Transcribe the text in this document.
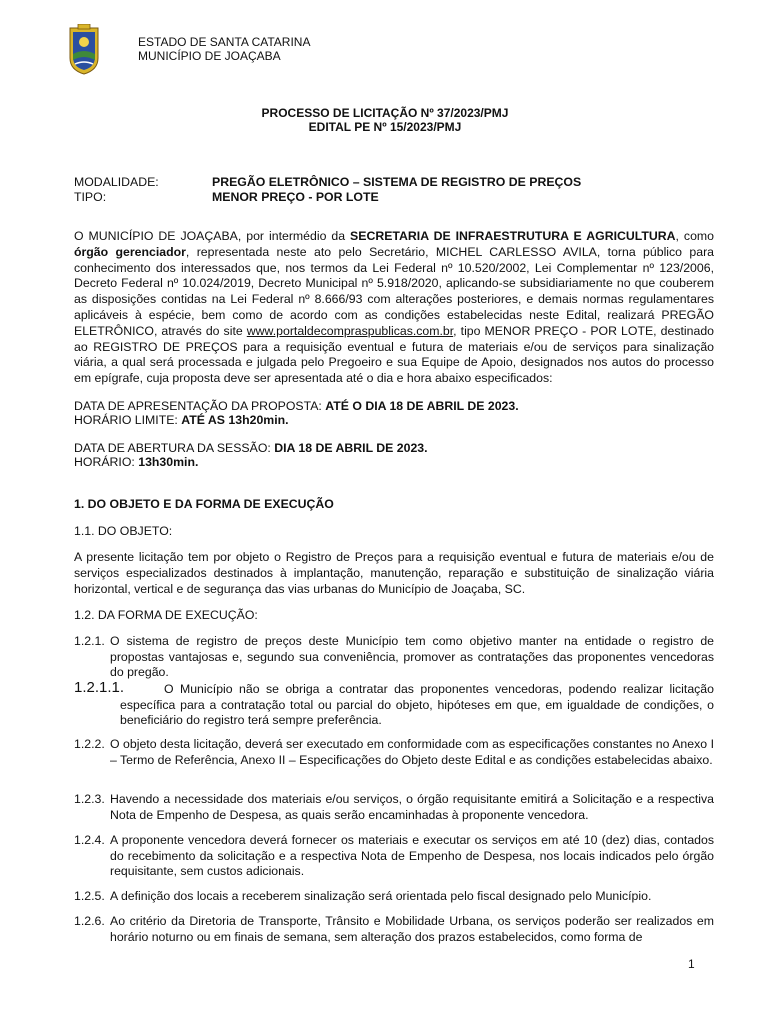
ESTADO DE SANTA CATARINA
MUNICÍPIO DE JOAÇABA
PROCESSO DE LICITAÇÃO Nº 37/2023/PMJ
EDITAL PE Nº 15/2023/PMJ
MODALIDADE:	PREGÃO ELETRÔNICO – SISTEMA DE REGISTRO DE PREÇOS
TIPO:	MENOR PREÇO - POR LOTE
O MUNICÍPIO DE JOAÇABA, por intermédio da SECRETARIA DE INFRAESTRUTURA E AGRICULTURA, como órgão gerenciador, representada neste ato pelo Secretário, MICHEL CARLESSO AVILA, torna público para conhecimento dos interessados que, nos termos da Lei Federal nº 10.520/2002, Lei Complementar nº 123/2006, Decreto Federal nº 10.024/2019, Decreto Municipal nº 5.918/2020, aplicando-se subsidiariamente no que couberem as disposições contidas na Lei Federal nº 8.666/93 com alterações posteriores, e demais normas regulamentares aplicáveis à espécie, bem como de acordo com as condições estabelecidas neste Edital, realizará PREGÃO ELETRÔNICO, através do site www.portaldecompraspublicas.com.br, tipo MENOR PREÇO - POR LOTE, destinado ao REGISTRO DE PREÇOS para a requisição eventual e futura de materiais e/ou de serviços para sinalização viária, a qual será processada e julgada pelo Pregoeiro e sua Equipe de Apoio, designados nos autos do processo em epígrafe, cuja proposta deve ser apresentada até o dia e hora abaixo especificados:
DATA DE APRESENTAÇÃO DA PROPOSTA: ATÉ O DIA 18 DE ABRIL DE 2023.
HORÁRIO LIMITE: ATÉ AS 13h20min.
DATA DE ABERTURA DA SESSÃO: DIA 18 DE ABRIL DE 2023.
HORÁRIO: 13h30min.
1. DO OBJETO E DA FORMA DE EXECUÇÃO
1.1. DO OBJETO:
A presente licitação tem por objeto o Registro de Preços para a requisição eventual e futura de materiais e/ou de serviços especializados destinados à implantação, manutenção, reparação e substituição de sinalização viária horizontal, vertical e de segurança das vias urbanas do Município de Joaçaba, SC.
1.2. DA FORMA DE EXECUÇÃO:
1.2.1. O sistema de registro de preços deste Município tem como objetivo manter na entidade o registro de propostas vantajosas e, segundo sua conveniência, promover as contratações das proponentes vencedoras do pregão.
1.2.1.1.	O Município não se obriga a contratar das proponentes vencedoras, podendo realizar licitação específica para a contratação total ou parcial do objeto, hipóteses em que, em igualdade de condições, o beneficiário do registro terá sempre preferência.
1.2.2. O objeto desta licitação, deverá ser executado em conformidade com as especificações constantes no Anexo I – Termo de Referência, Anexo II – Especificações do Objeto deste Edital e as condições estabelecidas abaixo.
1.2.3. Havendo a necessidade dos materiais e/ou serviços, o órgão requisitante emitirá a Solicitação e a respectiva Nota de Empenho de Despesa, as quais serão encaminhadas à proponente vencedora.
1.2.4. A proponente vencedora deverá fornecer os materiais e executar os serviços em até 10 (dez) dias, contados do recebimento da solicitação e a respectiva Nota de Empenho de Despesa, nos locais indicados pelo órgão requisitante, sem custos adicionais.
1.2.5. A definição dos locais a receberem sinalização será orientada pelo fiscal designado pelo Município.
1.2.6. Ao critério da Diretoria de Transporte, Trânsito e Mobilidade Urbana, os serviços poderão ser realizados em horário noturno ou em finais de semana, sem alteração dos prazos estabelecidos, como forma de
1
